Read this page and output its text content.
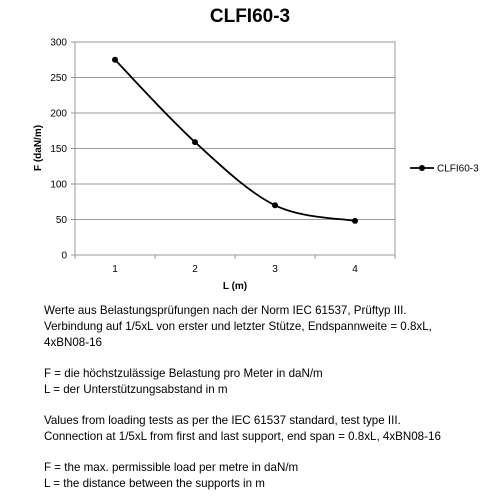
CLFI60-3
0
50
100
150
200
250
300
1	2	3	4
F (daN/m)
L (m)
CLFI60-3

Werte aus Belastungsprüfungen nach der Norm IEC 61537, Prüftyp III.

Verbindung auf 1/5xL von erster und letzter Stütze, Endspannweite = 0.8xL,

4xBN08-16

F = die höchstzulässige Belastung pro Meter in daN/m

L = der Unterstützungsabstand in m

Values from loading tests as per the IEC 61537 standard, test type III.

Connection at 1/5xL from first and last support, end span = 0.8xL, 4xBN08-16

F = the max. permissible load per metre in daN/m

L = the distance between the supports in m
